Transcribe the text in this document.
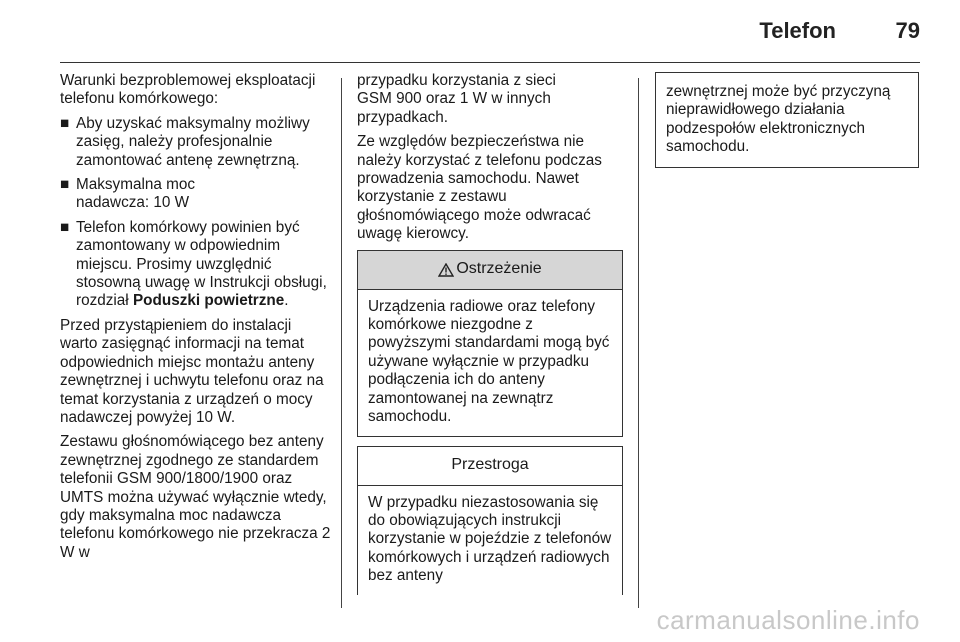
Telefon	79

Warunki bezproblemowej eksploatacji telefonu komórkowego:

■ Aby uzyskać maksymalny możliwy zasięg, należy profesjonalnie zamontować antenę zewnętrzną.
■ Maksymalna moc nadawcza: 10 W
■ Telefon komórkowy powinien być zamontowany w odpowiednim miejscu. Prosimy uwzględnić stosowną uwagę w Instrukcji obsługi, rozdział Poduszki powietrzne.

Przed przystąpieniem do instalacji warto zasięgnąć informacji na temat odpowiednich miejsc montażu anteny zewnętrznej i uchwytu telefonu oraz na temat korzystania z urządzeń o mocy nadawczej powyżej 10 W.

Zestawu głośnomówiącego bez anteny zewnętrznej zgodnego ze standardem telefonii GSM 900/1800/1900 oraz UMTS można używać wyłącznie wtedy, gdy maksymalna moc nadawcza telefonu komórkowego nie przekracza 2 W w

przypadku korzystania z sieci GSM 900 oraz 1 W w innych przypadkach.

Ze względów bezpieczeństwa nie należy korzystać z telefonu podczas prowadzenia samochodu. Nawet korzystanie z zestawu głośnomówiącego może odwracać uwagę kierowcy.

Ostrzeżenie
Urządzenia radiowe oraz telefony komórkowe niezgodne z powyższymi standardami mogą być używane wyłącznie w przypadku podłączenia ich do anteny zamontowanej na zewnątrz samochodu.
Przestroga
W przypadku niezastosowania się do obowiązujących instrukcji korzystanie w pojeździe z telefonów komórkowych i urządzeń radiowych bez anteny
zewnętrznej może być przyczyną nieprawidłowego działania podzespołów elektronicznych samochodu.
carmanualsonline.info
